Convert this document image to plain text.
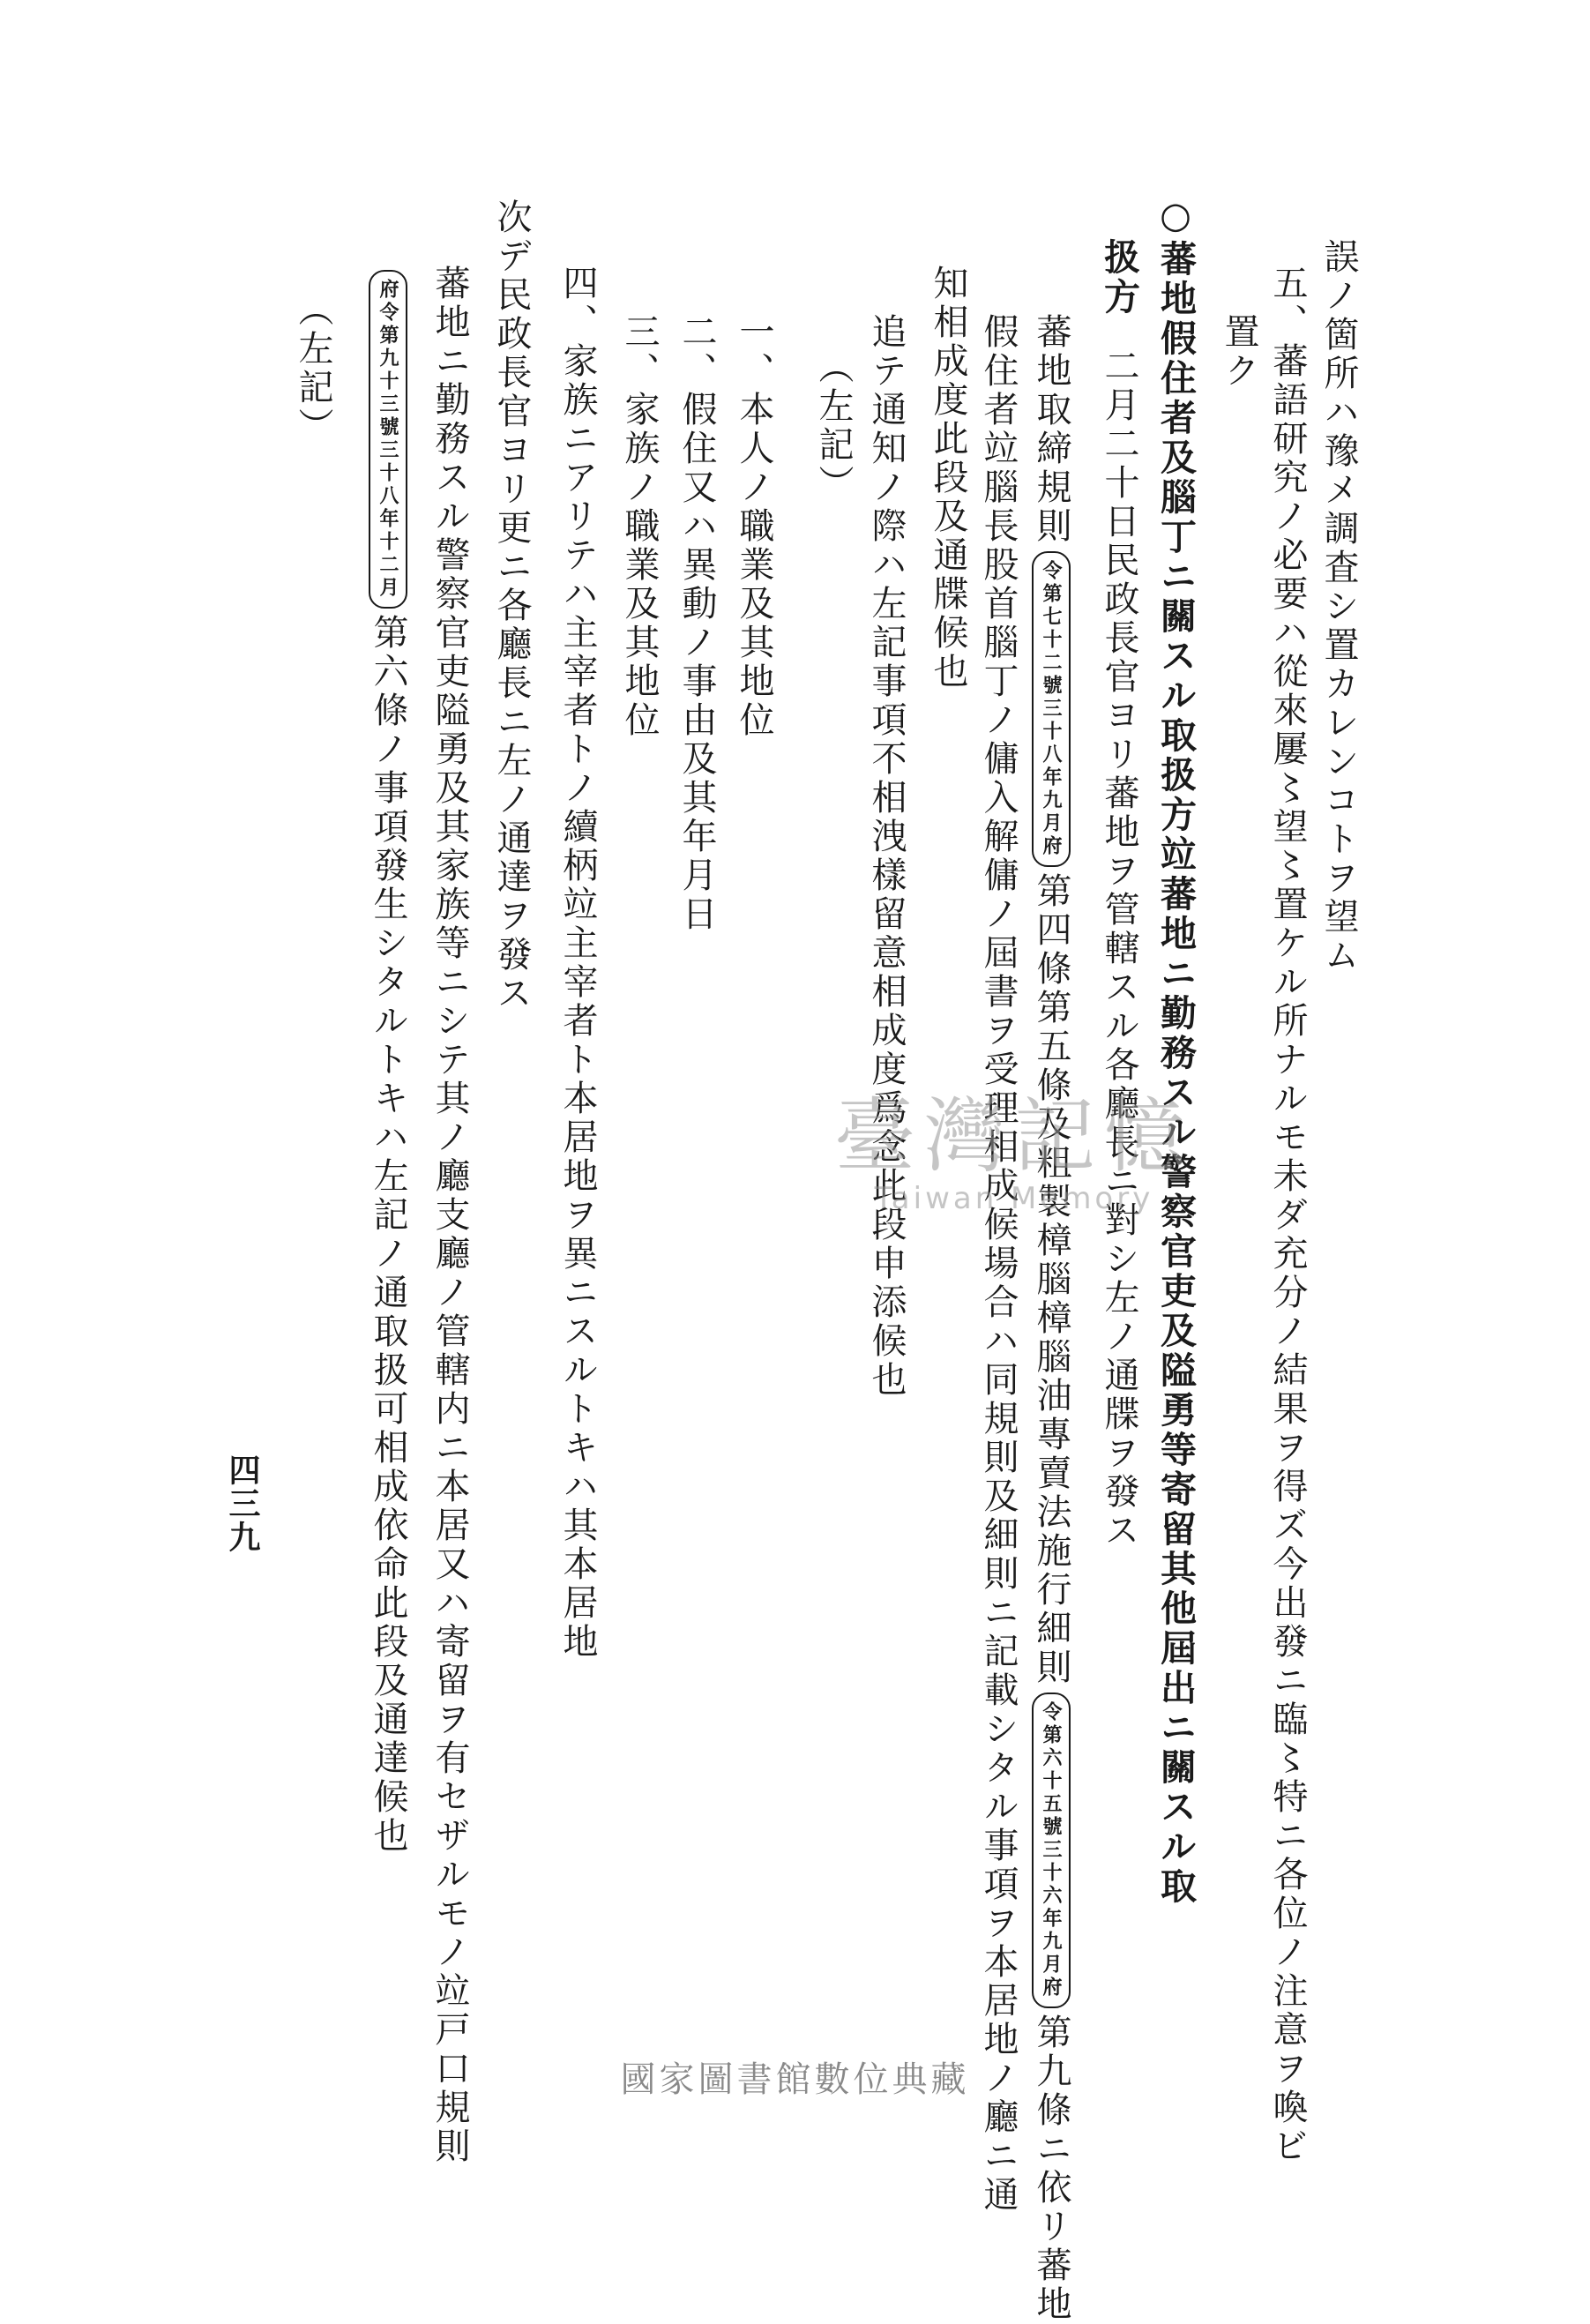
誤ノ箇所ハ豫メ調査シ置カレンコトヲ望ム
五、蕃語研究ノ必要ハ從來屢〻望〻置ケル所ナルモ未ダ充分ノ結果ヲ得ズ今出發ニ臨〻特ニ各位ノ注意ヲ喚ビ
置ク
○蕃地假住者及腦丁ニ關スル取扱方竝蕃地ニ勤務スル警察官吏及隘勇等寄留其他屆出ニ關スル取
扱方二月二十日民政長官ヨリ蕃地ヲ管轄スル各廳長ニ對シ左ノ通牒ヲ發ス
蕃地取締規則
三十八年九月府
令第七十二號
第四條第五條及粗製樟腦樟腦油專賣法施行細則
三十六年九月府
令第六十五號
第九條ニ依リ蕃地
假住者竝腦長股首腦丁ノ傭入解傭ノ屆書ヲ受理相成候場合ハ同規則及細則ニ記載シタル事項ヲ本居地ノ廳ニ通
知相成度此段及通牒候也
追テ通知ノ際ハ左記事項不相洩樣留意相成度爲念此段申添候也
（左記）
一、本人ノ職業及其地位
二、假住又ハ異動ノ事由及其年月日
三、家族ノ職業及其地位
四、家族ニアリテハ主宰者トノ續柄竝主宰者ト本居地ヲ異ニスルトキハ其本居地
次デ民政長官ヨリ更ニ各廳長ニ左ノ通達ヲ發ス
蕃地ニ勤務スル警察官吏隘勇及其家族等ニシテ其ノ廳支廳ノ管轄内ニ本居又ハ寄留ヲ有セザルモノ竝戸口規則
三十八年十二月
府令第九十三號
第六條ノ事項發生シタルトキハ左記ノ通取扱可相成依命此段及通達候也
（左記）
四三九
臺灣記憶
Taiwan Memory
國家圖書館數位典藏
